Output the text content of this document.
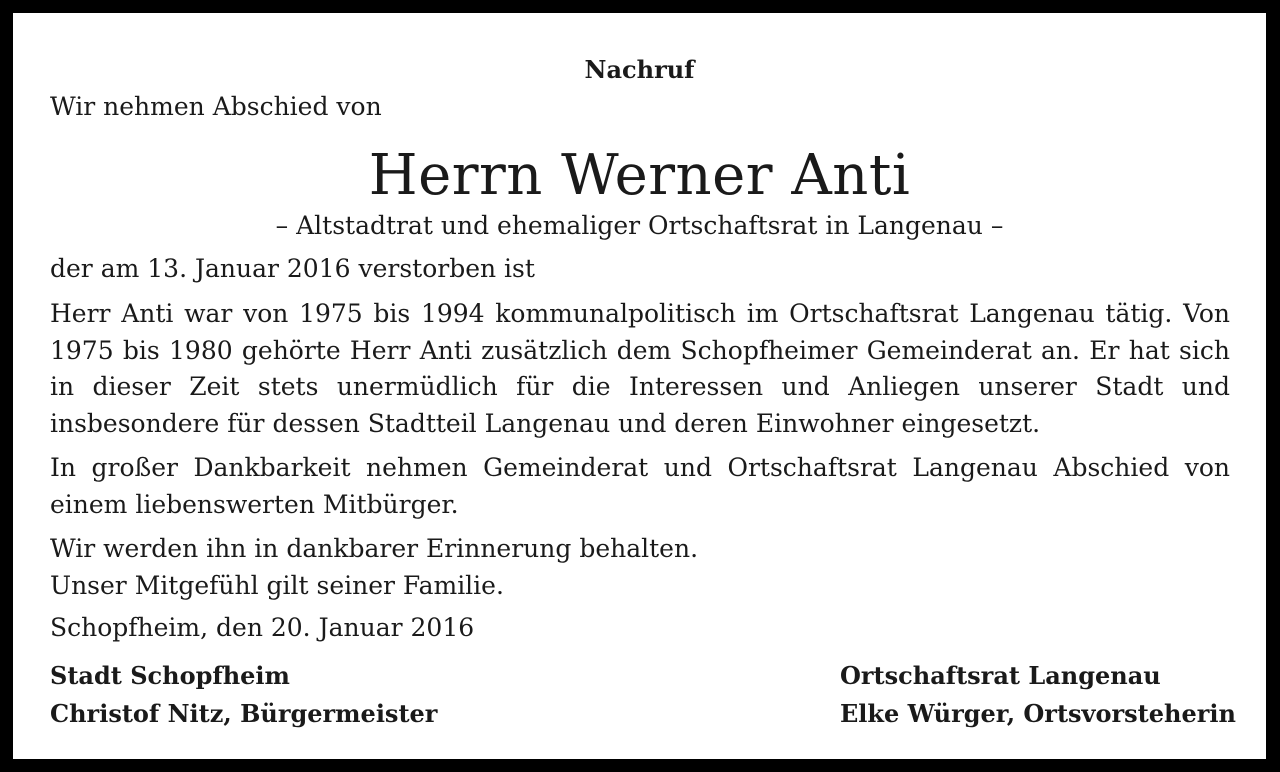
Nachruf
Wir nehmen Abschied von
Herrn Werner Anti
– Altstadtrat und ehemaliger Ortschaftsrat in Langenau –
der am 13. Januar 2016 verstorben ist
Herr Anti war von 1975 bis 1994 kommunalpolitisch im Ortschaftsrat Langenau tätig. Von 1975 bis 1980 gehörte Herr Anti zusätzlich dem Schopfheimer Gemeinderat an. Er hat sich in dieser Zeit stets unermüdlich für die Interessen und Anliegen unserer Stadt und insbesondere für dessen Stadtteil Langenau und deren Einwohner eingesetzt.
In großer Dankbarkeit nehmen Gemeinderat und Ortschaftsrat Langenau Abschied von einem liebenswerten Mitbürger.
Wir werden ihn in dankbarer Erinnerung behalten.
Unser Mitgefühl gilt seiner Familie.
Schopfheim, den 20. Januar 2016
Stadt Schopfheim
Christof Nitz, Bürgermeister
Ortschaftsrat Langenau
Elke Würger, Ortsvorsteherin
